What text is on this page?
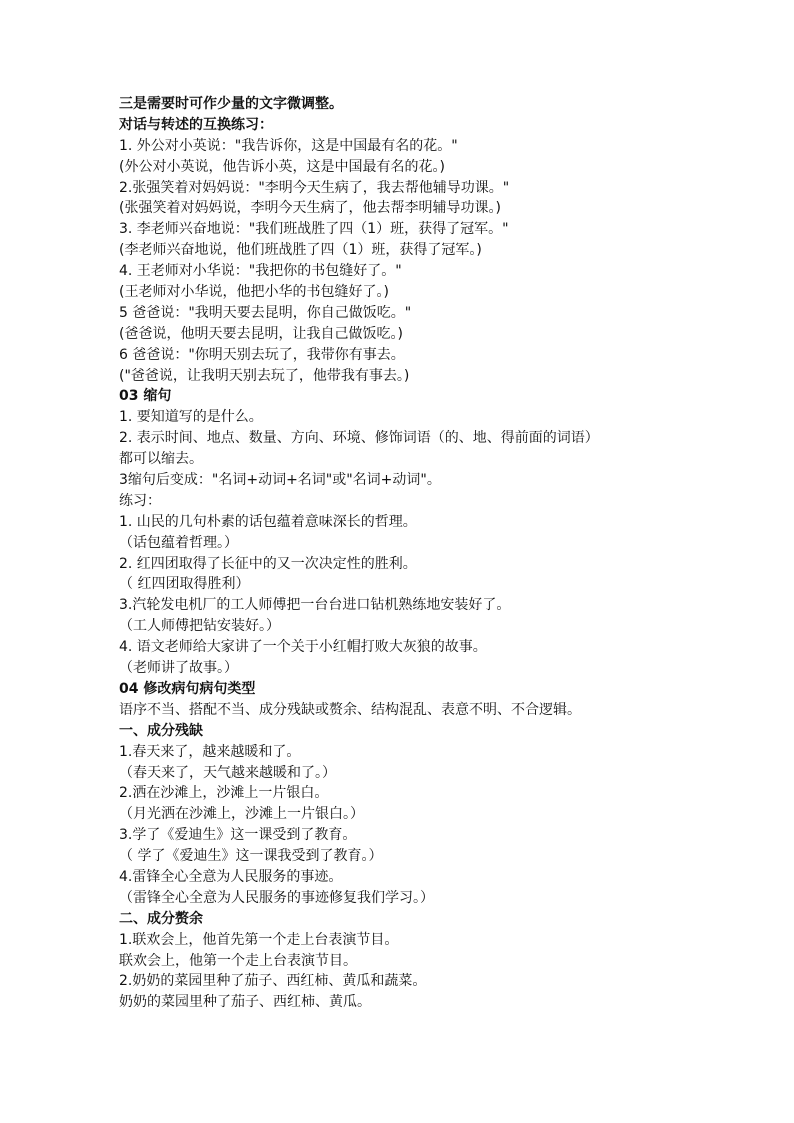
三是需要时可作少量的文字微调整。
对话与转述的互换练习：
1. 外公对小英说："我告诉你，这是中国最有名的花。"
(外公对小英说，他告诉小英，这是中国最有名的花。)
2.张强笑着对妈妈说："李明今天生病了，我去帮他辅导功课。"
(张强笑着对妈妈说，李明今天生病了，他去帮李明辅导功课。)
3. 李老师兴奋地说："我们班战胜了四（1）班，获得了冠军。"
(李老师兴奋地说，他们班战胜了四（1）班，获得了冠军。)
4. 王老师对小华说："我把你的书包缝好了。"
(王老师对小华说，他把小华的书包缝好了。)
5 爸爸说："我明天要去昆明，你自己做饭吃。"
(爸爸说，他明天要去昆明，让我自己做饭吃。)
6 爸爸说："你明天别去玩了，我带你有事去。
("爸爸说，让我明天别去玩了，他带我有事去。)
03 缩句
1. 要知道写的是什么。
2. 表示时间、地点、数量、方向、环境、修饰词语（的、地、得前面的词语）
都可以缩去。
3缩句后变成："名词+动词+名词"或"名词+动词"。
练习：
1. 山民的几句朴素的话包蕴着意味深长的哲理。
（话包蕴着哲理。）
2. 红四团取得了长征中的又一次决定性的胜利。
（ 红四团取得胜利）
3.汽轮发电机厂的工人师傅把一台台进口钻机熟练地安装好了。
（工人师傅把钻安装好。）
4. 语文老师给大家讲了一个关于小红帽打败大灰狼的故事。
（老师讲了故事。）
04 修改病句病句类型
语序不当、搭配不当、成分残缺或赘余、结构混乱、表意不明、不合逻辑。
一、成分残缺
1.春天来了，越来越暖和了。
（春天来了，天气越来越暖和了。）
2.洒在沙滩上，沙滩上一片银白。
（月光洒在沙滩上，沙滩上一片银白。）
3.学了《爱迪生》这一课受到了教育。
（ 学了《爱迪生》这一课我受到了教育。）
4.雷锋全心全意为人民服务的事迹。
（雷锋全心全意为人民服务的事迹修复我们学习。）
二、成分赘余
1.联欢会上，他首先第一个走上台表演节目。
联欢会上，他第一个走上台表演节目。
2.奶奶的菜园里种了茄子、西红柿、黄瓜和蔬菜。
奶奶的菜园里种了茄子、西红柿、黄瓜。
